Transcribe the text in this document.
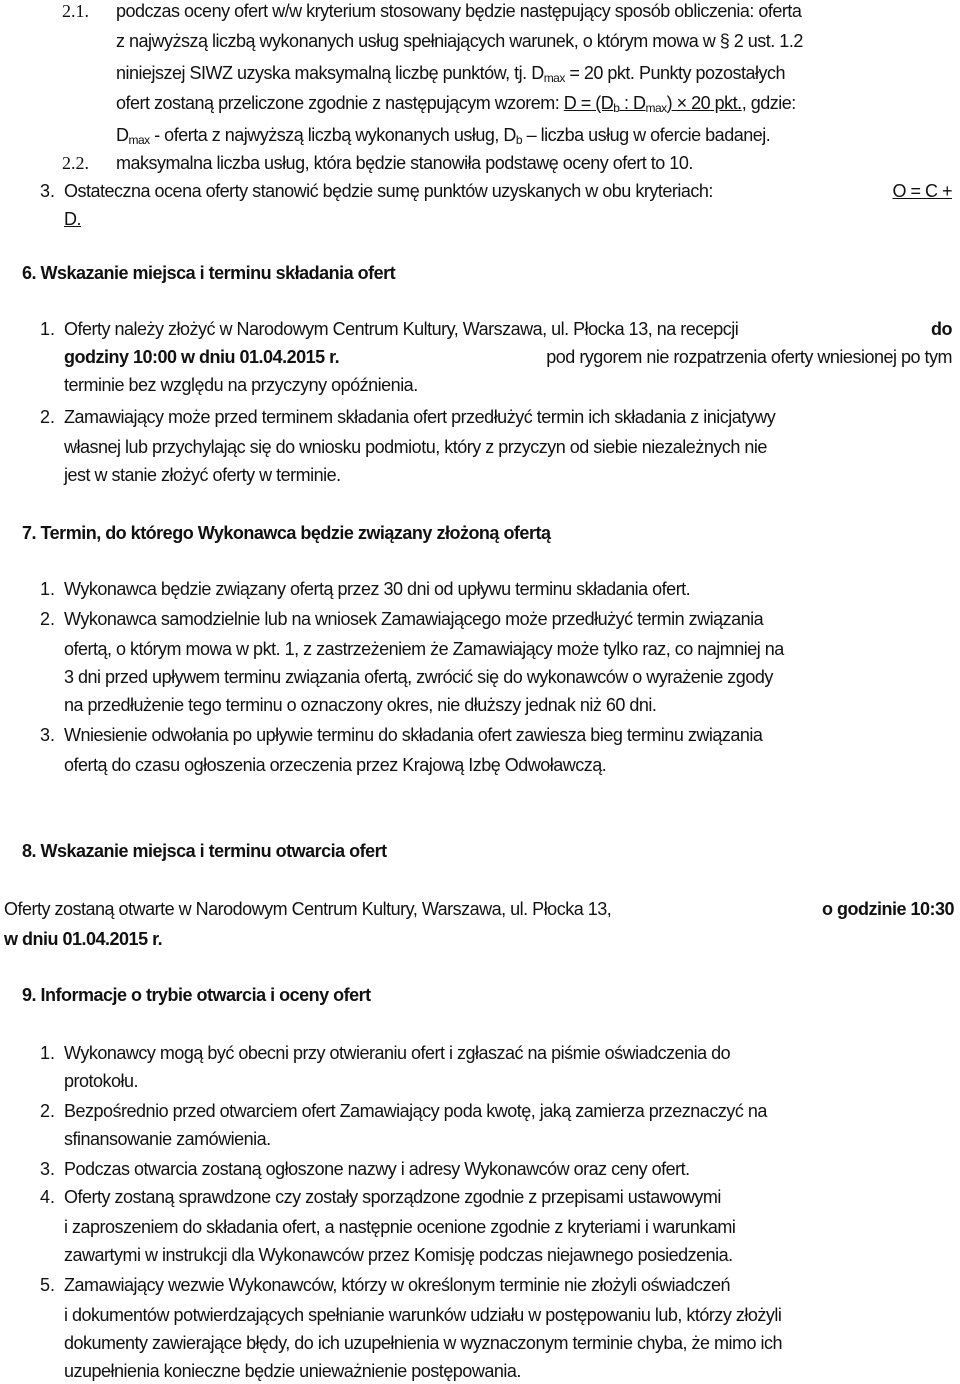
2.1. podczas oceny ofert w/w kryterium stosowany będzie następujący sposób obliczenia: oferta
z najwyższą liczbą wykonanych usług spełniających warunek, o którym mowa w § 2 ust. 1.2
niniejszej SIWZ uzyska maksymalną liczbę punktów, tj. $D_{max} = 20$ pkt. Punkty pozostałych
ofert zostaną przeliczone zgodnie z następującym wzorem: $D = (D_b$ : $D_{max}) \times 20$ pkt., gdzie:
$D_{max}$ - oferta z najwyższą liczbą wykonanych usług, $D_b$ – liczba usług w ofercie badanej.
2.2. maksymalna liczba usług, która będzie stanowiła podstawę oceny ofert to 10.
3. Ostateczna ocena oferty stanowić będzie sumę punktów uzyskanych w obu kryteriach:	O = C +
D.
6. Wskazanie miejsca i terminu składania ofert
1. Oferty należy złożyć w Narodowym Centrum Kultury, Warszawa, ul. Płocka 13, na recepcji	do
godziny 10:00 w dniu 01.04.2015 r.	pod rygorem nie rozpatrzenia oferty wniesionej po tym
terminie bez względu na przyczyny opóźnienia.
2. Zamawiający może przed terminem składania ofert przedłużyć termin ich składania z inicjatywy
własnej lub przychylając się do wniosku podmiotu, który z przyczyn od siebie niezależnych nie
jest w stanie złożyć oferty w terminie.
7. Termin, do którego Wykonawca będzie związany złożoną ofertą
1. Wykonawca będzie związany ofertą przez 30 dni od upływu terminu składania ofert.
2. Wykonawca samodzielnie lub na wniosek Zamawiającego może przedłużyć termin związania
ofertą, o którym mowa w pkt. 1, z zastrzeżeniem że Zamawiający może tylko raz, co najmniej na
3 dni przed upływem terminu związania ofertą, zwrócić się do wykonawców o wyrażenie zgody
na przedłużenie tego terminu o oznaczony okres, nie dłuższy jednak niż 60 dni.
3. Wniesienie odwołania po upływie terminu do składania ofert zawiesza bieg terminu związania
ofertą do czasu ogłoszenia orzeczenia przez Krajową Izbę Odwoławczą.
8. Wskazanie miejsca i terminu otwarcia ofert
Oferty zostaną otwarte w Narodowym Centrum Kultury, Warszawa, ul. Płocka 13,	o godzinie 10:30
w dniu 01.04.2015 r.
9. Informacje o trybie otwarcia i oceny ofert
1. Wykonawcy mogą być obecni przy otwieraniu ofert i zgłaszać na piśmie oświadczenia do
protokołu.
2. Bezpośrednio przed otwarciem ofert Zamawiający poda kwotę, jaką zamierza przeznaczyć na
sfinansowanie zamówienia.
3. Podczas otwarcia zostaną ogłoszone nazwy i adresy Wykonawców oraz ceny ofert.
4. Oferty zostaną sprawdzone czy zostały sporządzone zgodnie z przepisami ustawowymi
i zaproszeniem do składania ofert, a następnie ocenione zgodnie z kryteriami i warunkami
zawartymi w instrukcji dla Wykonawców przez Komisję podczas niejawnego posiedzenia.
5. Zamawiający wezwie Wykonawców, którzy w określonym terminie nie złożyli oświadczeń
i dokumentów potwierdzających spełnianie warunków udziału w postępowaniu lub, którzy złożyli
dokumenty zawierające błędy, do ich uzupełnienia w wyznaczonym terminie chyba, że mimo ich
uzupełnienia konieczne będzie unieważnienie postępowania.
